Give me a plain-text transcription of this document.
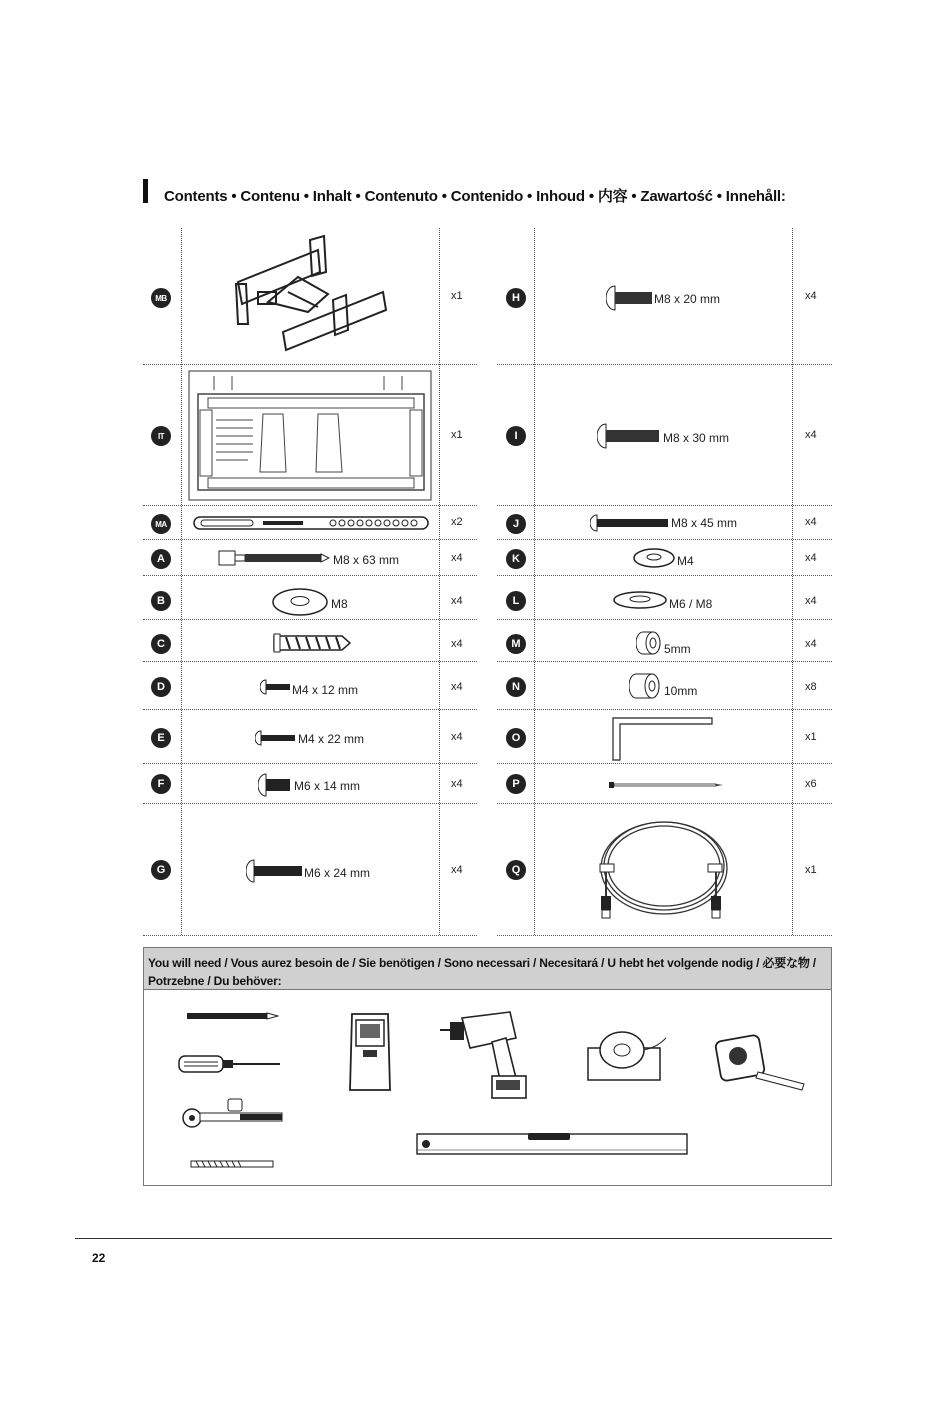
Contents • Contenu • Inhalt • Contenuto • Contenido • Inhoud • 内容 • Zawartość • Innehåll:
MB	x1
IT	x1
MA	x2
A	M8 x 63 mm	x4
B	M8	x4
C	x4
D	M4 x 12 mm	x4
E	M4 x 22 mm	x4
F	M6 x 14 mm	x4
G	M6 x 24 mm	x4
H	M8 x 20 mm	x4
I	M8 x 30 mm	x4
J	M8 x 45 mm	x4
K	M4	x4
L	M6 / M8	x4
M	5mm	x4
N	10mm	x8
O	x1
P	x6
Q	x1
You will need / Vous aurez besoin de / Sie benötigen / Sono necessari / Necesitará / U hebt het volgende nodig / 必要な物 / Potrzebne / Du behöver:
22
